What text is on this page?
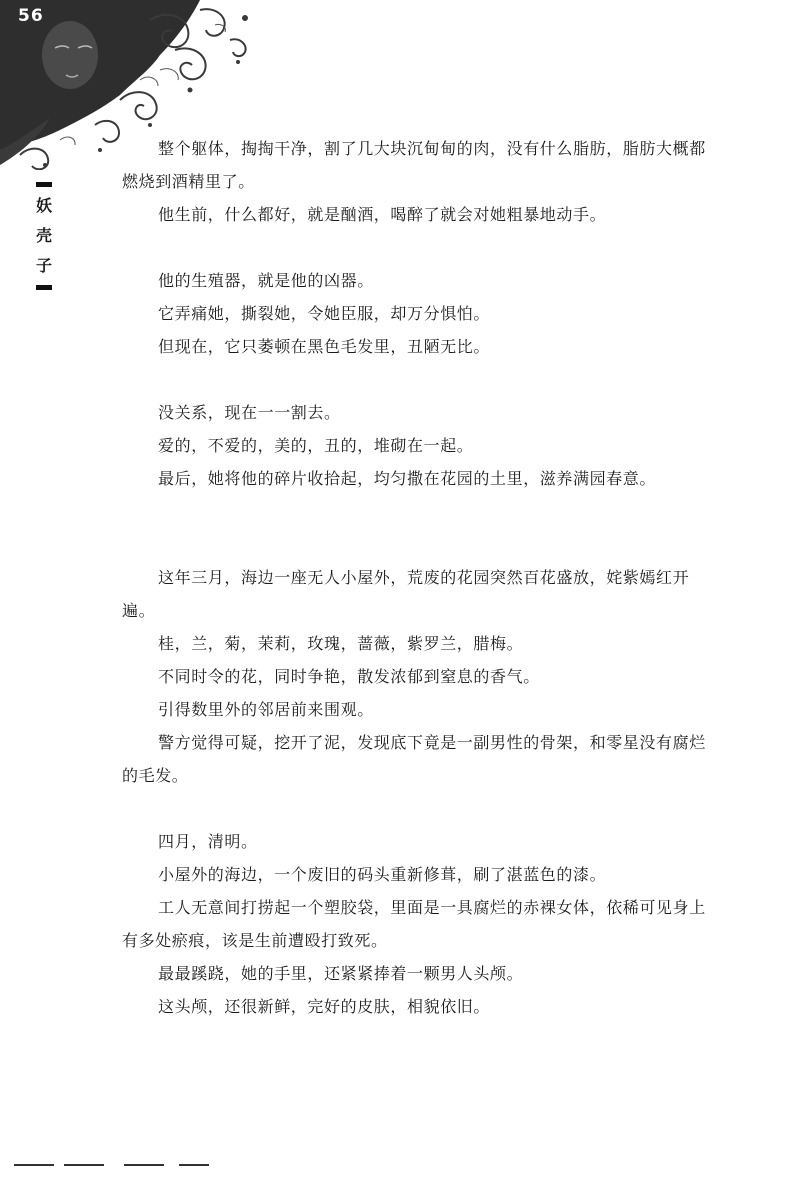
56
妖
壳
子

整个躯体，掏掏干净，割了几大块沉甸甸的肉，没有什么脂肪，脂肪大概都燃烧到酒精里了。

他生前，什么都好，就是酗酒，喝醉了就会对她粗暴地动手。

他的生殖器，就是他的凶器。

它弄痛她，撕裂她，令她臣服，却万分惧怕。

但现在，它只萎顿在黑色毛发里，丑陋无比。

没关系，现在一一割去。

爱的，不爱的，美的，丑的，堆砌在一起。

最后，她将他的碎片收拾起，均匀撒在花园的土里，滋养满园春意。

这年三月，海边一座无人小屋外，荒废的花园突然百花盛放，姹紫嫣红开遍。

桂，兰，菊，茉莉，玫瑰，蔷薇，紫罗兰，腊梅。

不同时令的花，同时争艳，散发浓郁到窒息的香气。

引得数里外的邻居前来围观。

警方觉得可疑，挖开了泥，发现底下竟是一副男性的骨架，和零星没有腐烂的毛发。

四月，清明。

小屋外的海边，一个废旧的码头重新修葺，刷了湛蓝色的漆。

工人无意间打捞起一个塑胶袋，里面是一具腐烂的赤裸女体，依稀可见身上有多处瘀痕，该是生前遭殴打致死。

最最蹊跷，她的手里，还紧紧捧着一颗男人头颅。

这头颅，还很新鲜，完好的皮肤，相貌依旧。
